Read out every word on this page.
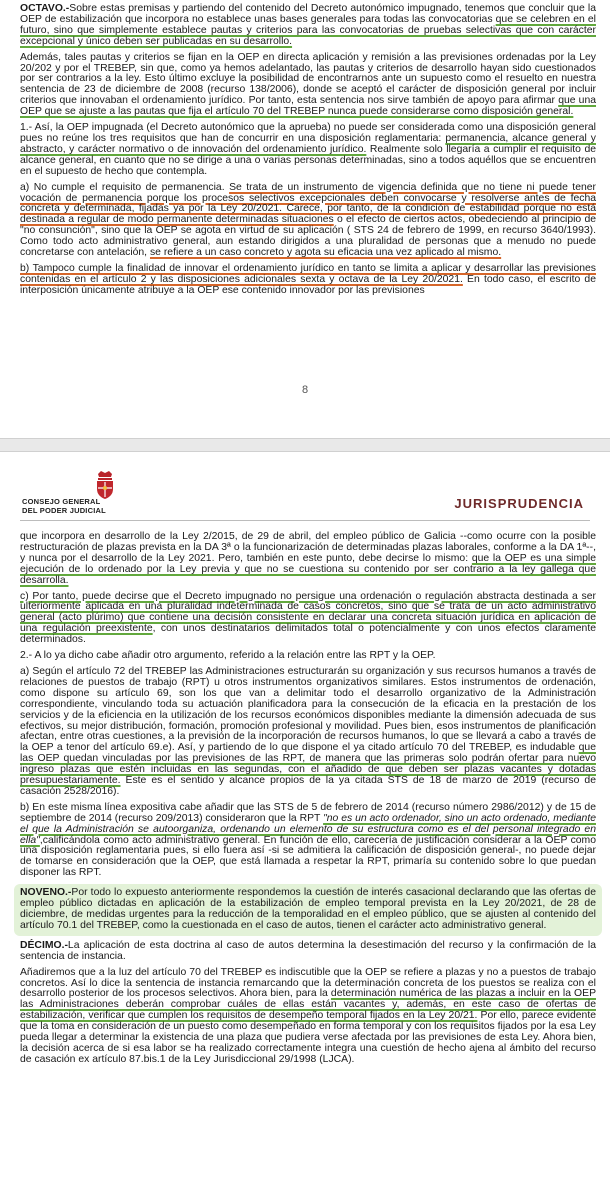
OCTAVO.-Sobre estas premisas y partiendo del contenido del Decreto autonómico impugnado, tenemos que concluir que la OEP de estabilización que incorpora no establece unas bases generales para todas las convocatorias que se celebren en el futuro, sino que simplemente establece pautas y criterios para las convocatorias de pruebas selectivas que con carácter excepcional y único deben ser publicadas en su desarrollo.

Además, tales pautas y criterios se fijan en la OEP en directa aplicación y remisión a las previsiones ordenadas por la Ley 20/202 y por el TREBEP, sin que, como ya hemos adelantado, las pautas y criterios de desarrollo hayan sido cuestionados por ser contrarios a la ley. Esto último excluye la posibilidad de encontrarnos ante un supuesto como el resuelto en nuestra sentencia de 23 de diciembre de 2008 (recurso 138/2006), donde se aceptó el carácter de disposición general por incluir criterios que innovaban el ordenamiento jurídico. Por tanto, esta sentencia nos sirve también de apoyo para afirmar que una OEP que se ajuste a las pautas que fija el artículo 70 del TREBEP nunca puede considerarse como disposición general.

1.- Así, la OEP impugnada (el Decreto autonómico que la aprueba) no puede ser considerada como una disposición general pues no reúne los tres requisitos que han de concurrir en una disposición reglamentaria: permanencia, alcance general y abstracto, y carácter normativo o de innovación del ordenamiento jurídico. Realmente solo llegaría a cumplir el requisito de alcance general, en cuanto que no se dirige a una o varias personas determinadas, sino a todos aquéllos que se encuentren en el supuesto de hecho que contempla.

a) No cumple el requisito de permanencia. Se trata de un instrumento de vigencia definida que no tiene ni puede tener vocación de permanencia porque los procesos selectivos excepcionales deben convocarse y resolverse antes de fecha concreta y determinada, fijadas ya por la Ley 20/2021. Carece, por tanto, de la condición de estabilidad porque no está destinada a regular de modo permanente determinadas situaciones o el efecto de ciertos actos, obedeciendo al principio de "no consunción", sino que la OEP se agota en virtud de su aplicación ( STS 24 de febrero de 1999, en recurso 3640/1993). Como todo acto administrativo general, aun estando dirigidos a una pluralidad de personas que a menudo no puede concretarse con antelación, se refiere a un caso concreto y agota su eficacia una vez aplicado al mismo.

b) Tampoco cumple la finalidad de innovar el ordenamiento jurídico en tanto se limita a aplicar y desarrollar las previsiones contenidas en el artículo 2 y las disposiciones adicionales sexta y octava de la Ley 20/2021. En todo caso, el escrito de interposición únicamente atribuye a la OEP ese contenido innovador por las previsiones

8
CONSEJO GENERAL
DEL PODER JUDICIAL	JURISPRUDENCIA

que incorpora en desarrollo de la Ley 2/2015, de 29 de abril, del empleo público de Galicia --como ocurre con la posible restructuración de plazas prevista en la DA 3ª o la funcionarización de determinadas plazas laborales, conforme a la DA 1ª--, y nunca por el desarrollo de la Ley 2021. Pero, también en este punto, debe decirse lo mismo: que la OEP es una simple ejecución de lo ordenado por la Ley previa y que no se cuestiona su contenido por ser contrario a la ley gallega que desarrolla.

c) Por tanto, puede decirse que el Decreto impugnado no persigue una ordenación o regulación abstracta destinada a ser ulteriormente aplicada en una pluralidad indeterminada de casos concretos, sino que se trata de un acto administrativo general (acto plúrimo) que contiene una decisión consistente en declarar una concreta situación jurídica en aplicación de una regulación preexistente, con unos destinatarios delimitados total o potencialmente y con unos efectos claramente determinados.

2.- A lo ya dicho cabe añadir otro argumento, referido a la relación entre las RPT y la OEP.

a) Según el artículo 72 del TREBEP las Administraciones estructurarán su organización y sus recursos humanos a través de relaciones de puestos de trabajo (RPT) u otros instrumentos organizativos similares. Estos instrumentos de ordenación, como dispone su artículo 69, son los que van a delimitar todo el desarrollo organizativo de la Administración correspondiente, vinculando toda su actuación planificadora para la consecución de la eficacia en la prestación de los servicios y de la eficiencia en la utilización de los recursos económicos disponibles mediante la dimensión adecuada de sus efectivos, su mejor distribución, formación, promoción profesional y movilidad. Pues bien, esos instrumentos de planificación afectan, entre otras cuestiones, a la previsión de la incorporación de recursos humanos, lo que se llevará a cabo a través de la OEP a tenor del artículo 69.e). Así, y partiendo de lo que dispone el ya citado artículo 70 del TREBEP, es indudable que las OEP quedan vinculadas por las previsiones de las RPT, de manera que las primeras solo podrán ofertar para nuevo ingreso plazas que estén incluidas en las segundas, con el añadido de que deben ser plazas vacantes y dotadas presupuestariamente. Este es el sentido y alcance propios de la ya citada STS de 18 de marzo de 2019 (recurso de casación 2528/2016).

b) En este misma línea expositiva cabe añadir que las STS de 5 de febrero de 2014 (recurso número 2986/2012) y de 15 de septiembre de 2014 (recurso 209/2013) consideraron que la RPT "no es un acto ordenador, sino un acto ordenado, mediante el que la Administración se autoorganiza, ordenando un elemento de su estructura como es el del personal integrado en ella",calificándola como acto administrativo general. En función de ello, carecería de justificación considerar a la OEP como una disposición reglamentaria pues, si ello fuera así -si se admitiera la calificación de disposición general-, no puede dejar de tomarse en consideración que la OEP, que está llamada a respetar la RPT, primaría su contenido sobre lo que puedan disponer las RPT.

NOVENO.-Por todo lo expuesto anteriormente respondemos la cuestión de interés casacional declarando que las ofertas de empleo público dictadas en aplicación de la estabilización de empleo temporal prevista en la Ley 20/2021, de 28 de diciembre, de medidas urgentes para la reducción de la temporalidad en el empleo público, que se ajusten al contenido del artículo 70.1 del TREBEP, como la cuestionada en el caso de autos, tienen el carácter acto administrativo general.

DÉCIMO.-La aplicación de esta doctrina al caso de autos determina la desestimación del recurso y la confirmación de la sentencia de instancia.

Añadiremos que a la luz del artículo 70 del TREBEP es indiscutible que la OEP se refiere a plazas y no a puestos de trabajo concretos. Así lo dice la sentencia de instancia remarcando que la determinación concreta de los puestos se realiza con el desarrollo posterior de los procesos selectivos. Ahora bien, para la determinación numérica de las plazas a incluir en la OEP las Administraciones deberán comprobar cuáles de ellas están vacantes y, además, en este caso de ofertas de estabilización, verificar que cumplen los requisitos de desempeño temporal fijados en la Ley 20/21. Por ello, parece evidente que la toma en consideración de un puesto como desempeñado en forma temporal y con los requisitos fijados por la esa Ley pueda llegar a determinar la existencia de una plaza que pudiera verse afectada por las previsiones de esta Ley. Ahora bien, la decisión acerca de si esa labor se ha realizado correctamente integra una cuestión de hecho ajena al ámbito del recurso de casación ex artículo 87.bis.1 de la Ley Jurisdiccional 29/1998 (LJCA).
